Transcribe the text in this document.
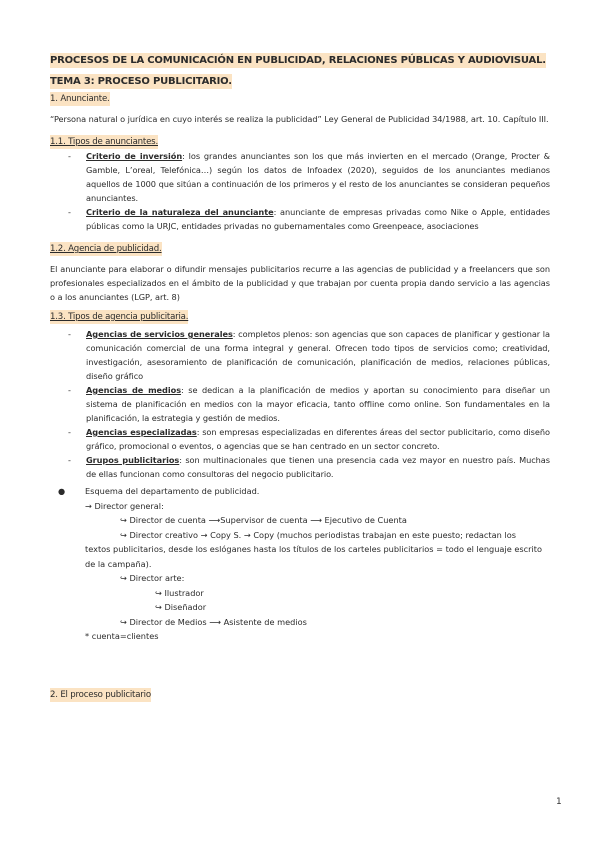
PROCESOS DE LA COMUNICACIÓN EN PUBLICIDAD, RELACIONES PÚBLICAS Y AUDIOVISUAL.
TEMA 3: PROCESO PUBLICITARIO.
1. Anunciante.

“Persona natural o jurídica en cuyo interés se realiza la publicidad” Ley General de Publicidad 34/1988, art. 10. Capítulo III.

1.1. Tipos de anunciantes.
- Criterio de inversión: los grandes anunciantes son los que más invierten en el mercado (Orange, Procter & Gamble, L’oreal, Telefónica…) según los datos de Infoadex (2020), seguidos de los anunciantes medianos aquellos de 1000 que sitúan a continuación de los primeros y el resto de los anunciantes se consideran pequeños anunciantes.
- Criterio de la naturaleza del anunciante: anunciante de empresas privadas como Nike o Apple, entidades públicas como la URJC, entidades privadas no gubernamentales como Greenpeace, asociaciones
1.2. Agencia de publicidad.

El anunciante para elaborar o difundir mensajes publicitarios recurre a las agencias de publicidad y a freelancers que son profesionales especializados en el ámbito de la publicidad y que trabajan por cuenta propia dando servicio a las agencias o a los anunciantes (LGP, art. 8)

1.3. Tipos de agencia publicitaria.
- Agencias de servicios generales: completos plenos: son agencias que son capaces de planificar y gestionar la comunicación comercial de una forma integral y general. Ofrecen todo tipos de servicios como; creatividad, investigación, asesoramiento de planificación de comunicación, planificación de medios, relaciones públicas, diseño gráfico
- Agencias de medios: se dedican a la planificación de medios y aportan su conocimiento para diseñar un sistema de planificación en medios con la mayor eficacia, tanto offline como online. Son fundamentales en la planificación, la estrategia y gestión de medios.
- Agencias especializadas: son empresas especializadas en diferentes áreas del sector publicitario, como diseño gráfico, promocional o eventos, o agencias que se han centrado en un sector concreto.
- Grupos publicitarios: son multinacionales que tienen una presencia cada vez mayor en nuestro país. Muchas de ellas funcionan como consultoras del negocio publicitario.
● Esquema del departamento de publicidad.
→ Director general:
↪ Director de cuenta ⟶Supervisor de cuenta ⟶ Ejecutivo de Cuenta
↪ Director creativo → Copy S. → Copy (muchos periodistas trabajan en este puesto; redactan los
textos publicitarios, desde los eslóganes hasta los títulos de los carteles publicitarios = todo el lenguaje escrito de la campaña).
↪ Director arte:
↪ Ilustrador
↪ Diseñador
↪ Director de Medios ⟶ Asistente de medios
* cuenta=clientes
2. El proceso publicitario
1
